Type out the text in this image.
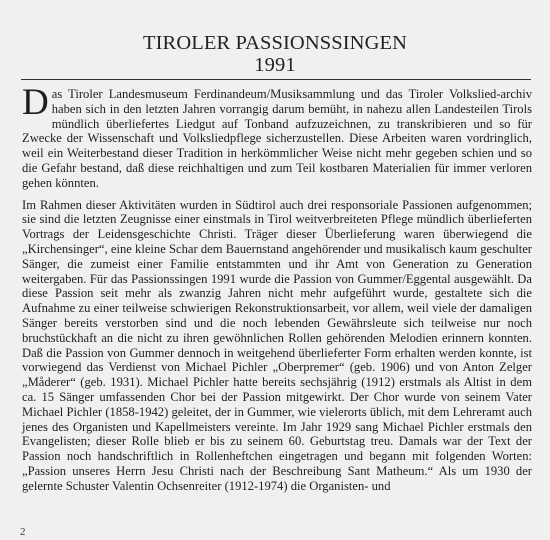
TIROLER PASSIONSSINGEN
1991

Das Tiroler Landesmuseum Ferdinandeum/Musiksammlung und das Tiroler Volkslied-archiv haben sich in den letzten Jahren vorrangig darum bemüht, in nahezu allen Landesteilen Tirols mündlich überliefertes Liedgut auf Tonband aufzuzeichnen, zu transkribieren und so für Zwecke der Wissenschaft und Volksliedpflege sicherzustellen. Diese Arbeiten waren vordringlich, weil ein Weiterbestand dieser Tradition in herkömmlicher Weise nicht mehr gegeben schien und so die Gefahr bestand, daß diese reichhaltigen und zum Teil kostbaren Materialien für immer verloren gehen könnten.

Im Rahmen dieser Aktivitäten wurden in Südtirol auch drei responsoriale Passionen aufgenommen; sie sind die letzten Zeugnisse einer einstmals in Tirol weitverbreiteten Pflege mündlich überlieferten Vortrags der Leidensgeschichte Christi. Träger dieser Überlieferung waren überwiegend die „Kirchensinger“, eine kleine Schar dem Bauernstand angehörender und musikalisch kaum geschulter Sänger, die zumeist einer Familie entstammten und ihr Amt von Generation zu Generation weitergaben. Für das Passionssingen 1991 wurde die Passion von Gummer/Eggental ausgewählt. Da diese Passion seit mehr als zwanzig Jahren nicht mehr aufgeführt wurde, gestaltete sich die Aufnahme zu einer teilweise schwierigen Rekonstruktionsarbeit, vor allem, weil viele der damaligen Sänger bereits verstorben sind und die noch lebenden Gewährsleute sich teilweise nur noch bruchstückhaft an die nicht zu ihren gewöhnlichen Rollen gehörenden Melodien erinnern konnten. Daß die Passion von Gummer dennoch in weitgehend überlieferter Form erhalten werden konnte, ist vorwiegend das Verdienst von Michael Pichler „Oberpremer“ (geb. 1906) und von Anton Zelger „Måderer“ (geb. 1931). Michael Pichler hatte bereits sechsjährig (1912) erstmals als Altist in dem ca. 15 Sänger umfassenden Chor bei der Passion mitgewirkt. Der Chor wurde von seinem Vater Michael Pichler (1858-1942) geleitet, der in Gummer, wie vielerorts üblich, mit dem Lehreramt auch jenes des Organisten und Kapellmeisters vereinte. Im Jahr 1929 sang Michael Pichler erstmals den Evangelisten; dieser Rolle blieb er bis zu seinem 60. Geburtstag treu. Damals war der Text der Passion noch handschriftlich in Rollenheftchen eingetragen und begann mit folgenden Worten: „Passion unseres Herrn Jesu Christi nach der Beschreibung Sant Matheum.“ Als um 1930 der gelernte Schuster Valentin Ochsenreiter (1912-1974) die Organisten- und

2
